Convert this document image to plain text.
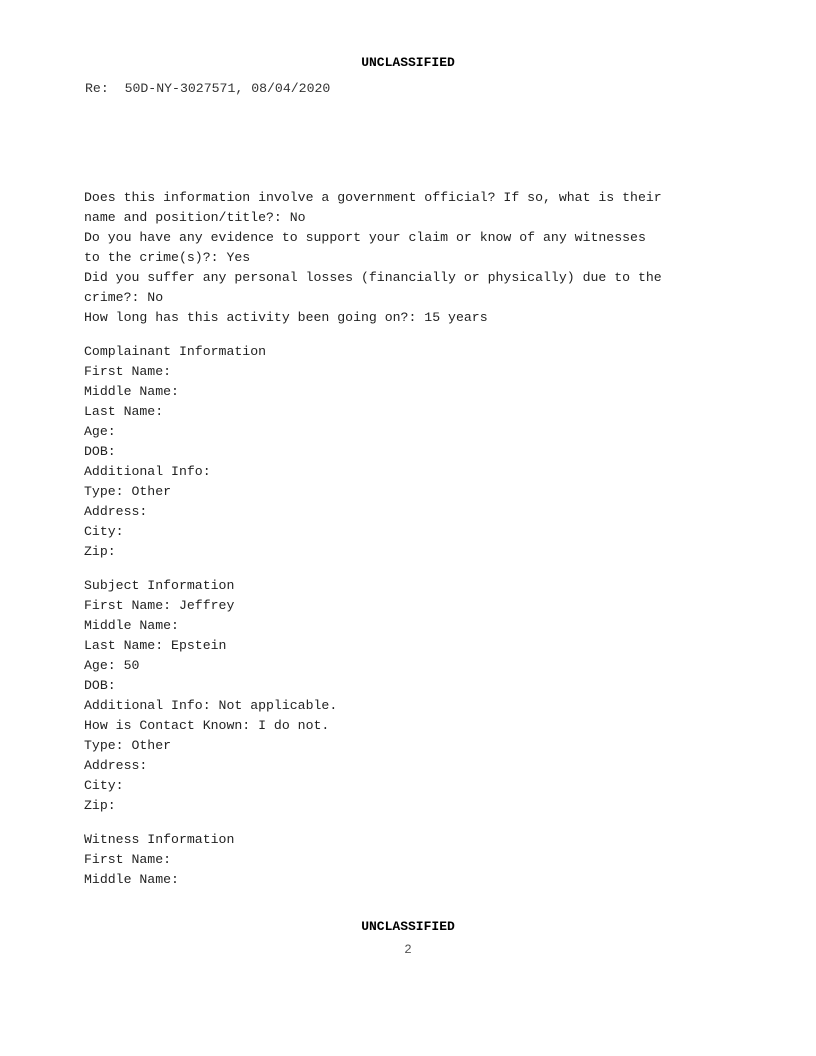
UNCLASSIFIED
Re:  50D-NY-3027571, 08/04/2020
Does this information involve a government official? If so, what is their
name and position/title?: No
Do you have any evidence to support your claim or know of any witnesses
to the crime(s)?: Yes
Did you suffer any personal losses (financially or physically) due to the
crime?: No
How long has this activity been going on?: 15 years
Complainant Information
First Name:
Middle Name:
Last Name:
Age:
DOB:
Additional Info:
Type: Other
Address:
City:
Zip:
Subject Information
First Name: Jeffrey
Middle Name:
Last Name: Epstein
Age: 50
DOB:
Additional Info: Not applicable.
How is Contact Known: I do not.
Type: Other
Address:
City:
Zip:
Witness Information
First Name:
Middle Name:
UNCLASSIFIED
2
